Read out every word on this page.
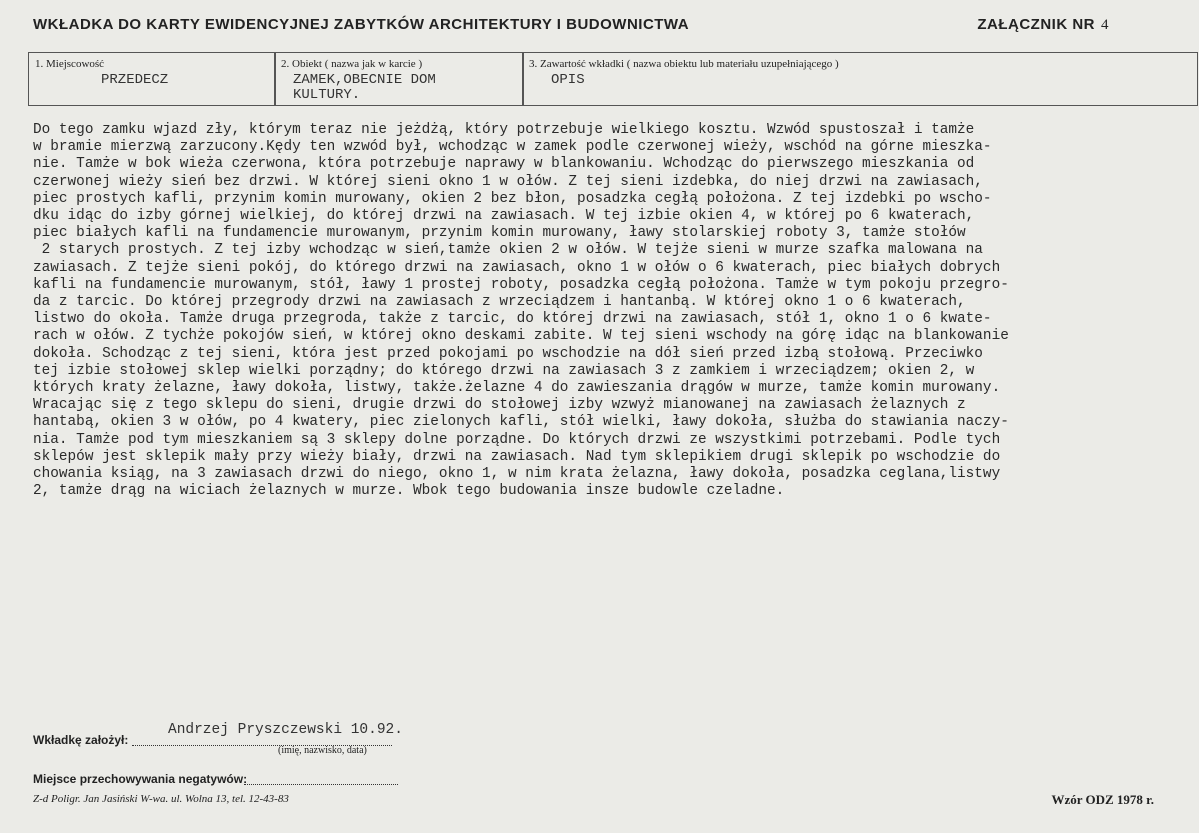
WKŁADKA DO KARTY EWIDENCYJNEJ ZABYTKÓW ARCHITEKTURY I BUDOWNICTWA	ZAŁĄCZNIK NR 4
1. Miejscowość
PRZEDECZ
2. Obiekt ( nazwa jak w karcie )
ZAMEK,OBECNIE DOM
KULTURY.
3. Zawartość wkładki ( nazwa obiektu lub materiału uzupełniającego )
OPIS
Do tego zamku wjazd zły, którym teraz nie jeżdżą, który potrzebuje wielkiego kosztu. Wzwód spustoszał i tamże
w bramie mierzwą zarzucony.Kędy ten wzwód był, wchodząc w zamek podle czerwonej wieży, wschód na górne mieszka-
nie. Tamże w bok wieża czerwona, która potrzebuje naprawy w blankowaniu. Wchodząc do pierwszego mieszkania od
czerwonej wieży sień bez drzwi. W której sieni okno 1 w ołów. Z tej sieni izdebka, do niej drzwi na zawiasach,
piec prostych kafli, przynim komin murowany, okien 2 bez błon, posadzka cegłą położona. Z tej izdebki po wscho-
dku idąc do izby górnej wielkiej, do której drzwi na zawiasach. W tej izbie okien 4, w której po 6 kwaterach,
piec białych kafli na fundamencie murowanym, przynim komin murowany, ławy stolarskiej roboty 3, tamże stołów
2 starych prostych. Z tej izby wchodząc w sień,tamże okien 2 w ołów. W tejże sieni w murze szafka malowana na
zawiasach. Z tejże sieni pokój, do którego drzwi na zawiasach, okno 1 w ołów o 6 kwaterach, piec białych dobrych
kafli na fundamencie murowanym, stół, ławy 1 prostej roboty, posadzka cegłą położona. Tamże w tym pokoju przegro-
da z tarcic. Do której przegrody drzwi na zawiasach z wrzeciądzem i hantanbą. W której okno 1 o 6 kwaterach,
listwo do okoła. Tamże druga przegroda, także z tarcic, do której drzwi na zawiasach, stół 1, okno 1 o 6 kwate-
rach w ołów. Z tychże pokojów sień, w której okno deskami zabite. W tej sieni wschody na górę idąc na blankowanie
dokoła. Schodząc z tej sieni, która jest przed pokojami po wschodzie na dół sień przed izbą stołową. Przeciwko
tej izbie stołowej sklep wielki porządny; do którego drzwi na zawiasach 3 z zamkiem i wrzeciądzem; okien 2, w
których kraty żelazne, ławy dokoła, listwy, także.żelazne 4 do zawieszania drągów w murze, tamże komin murowany.
Wracając się z tego sklepu do sieni, drugie drzwi do stołowej izby wzwyż mianowanej na zawiasach żelaznych z
hantabą, okien 3 w ołów, po 4 kwatery, piec zielonych kafli, stół wielki, ławy dokoła, służba do stawiania naczy-
nia. Tamże pod tym mieszkaniem są 3 sklepy dolne porządne. Do których drzwi ze wszystkimi potrzebami. Podle tych
sklepów jest sklepik mały przy wieży biały, drzwi na zawiasach. Nad tym sklepikiem drugi sklepik po wschodzie do
chowania ksiąg, na 3 zawiasach drzwi do niego, okno 1, w nim krata żelazna, ławy dokoła, posadzka ceglana,listwy
2, tamże drąg na wiciach żelaznych w murze. Wbok tego budowania insze budowle czeladne.
Wkładkę założył:
Andrzej Pryszczewski 10.92.
(imię, nazwisko, data)
Miejsce przechowywania negatywów:
Z-d Poligr. Jan Jasiński W-wa. ul. Wolna 13, tel. 12-43-83	Wzór ODZ 1978 r.
